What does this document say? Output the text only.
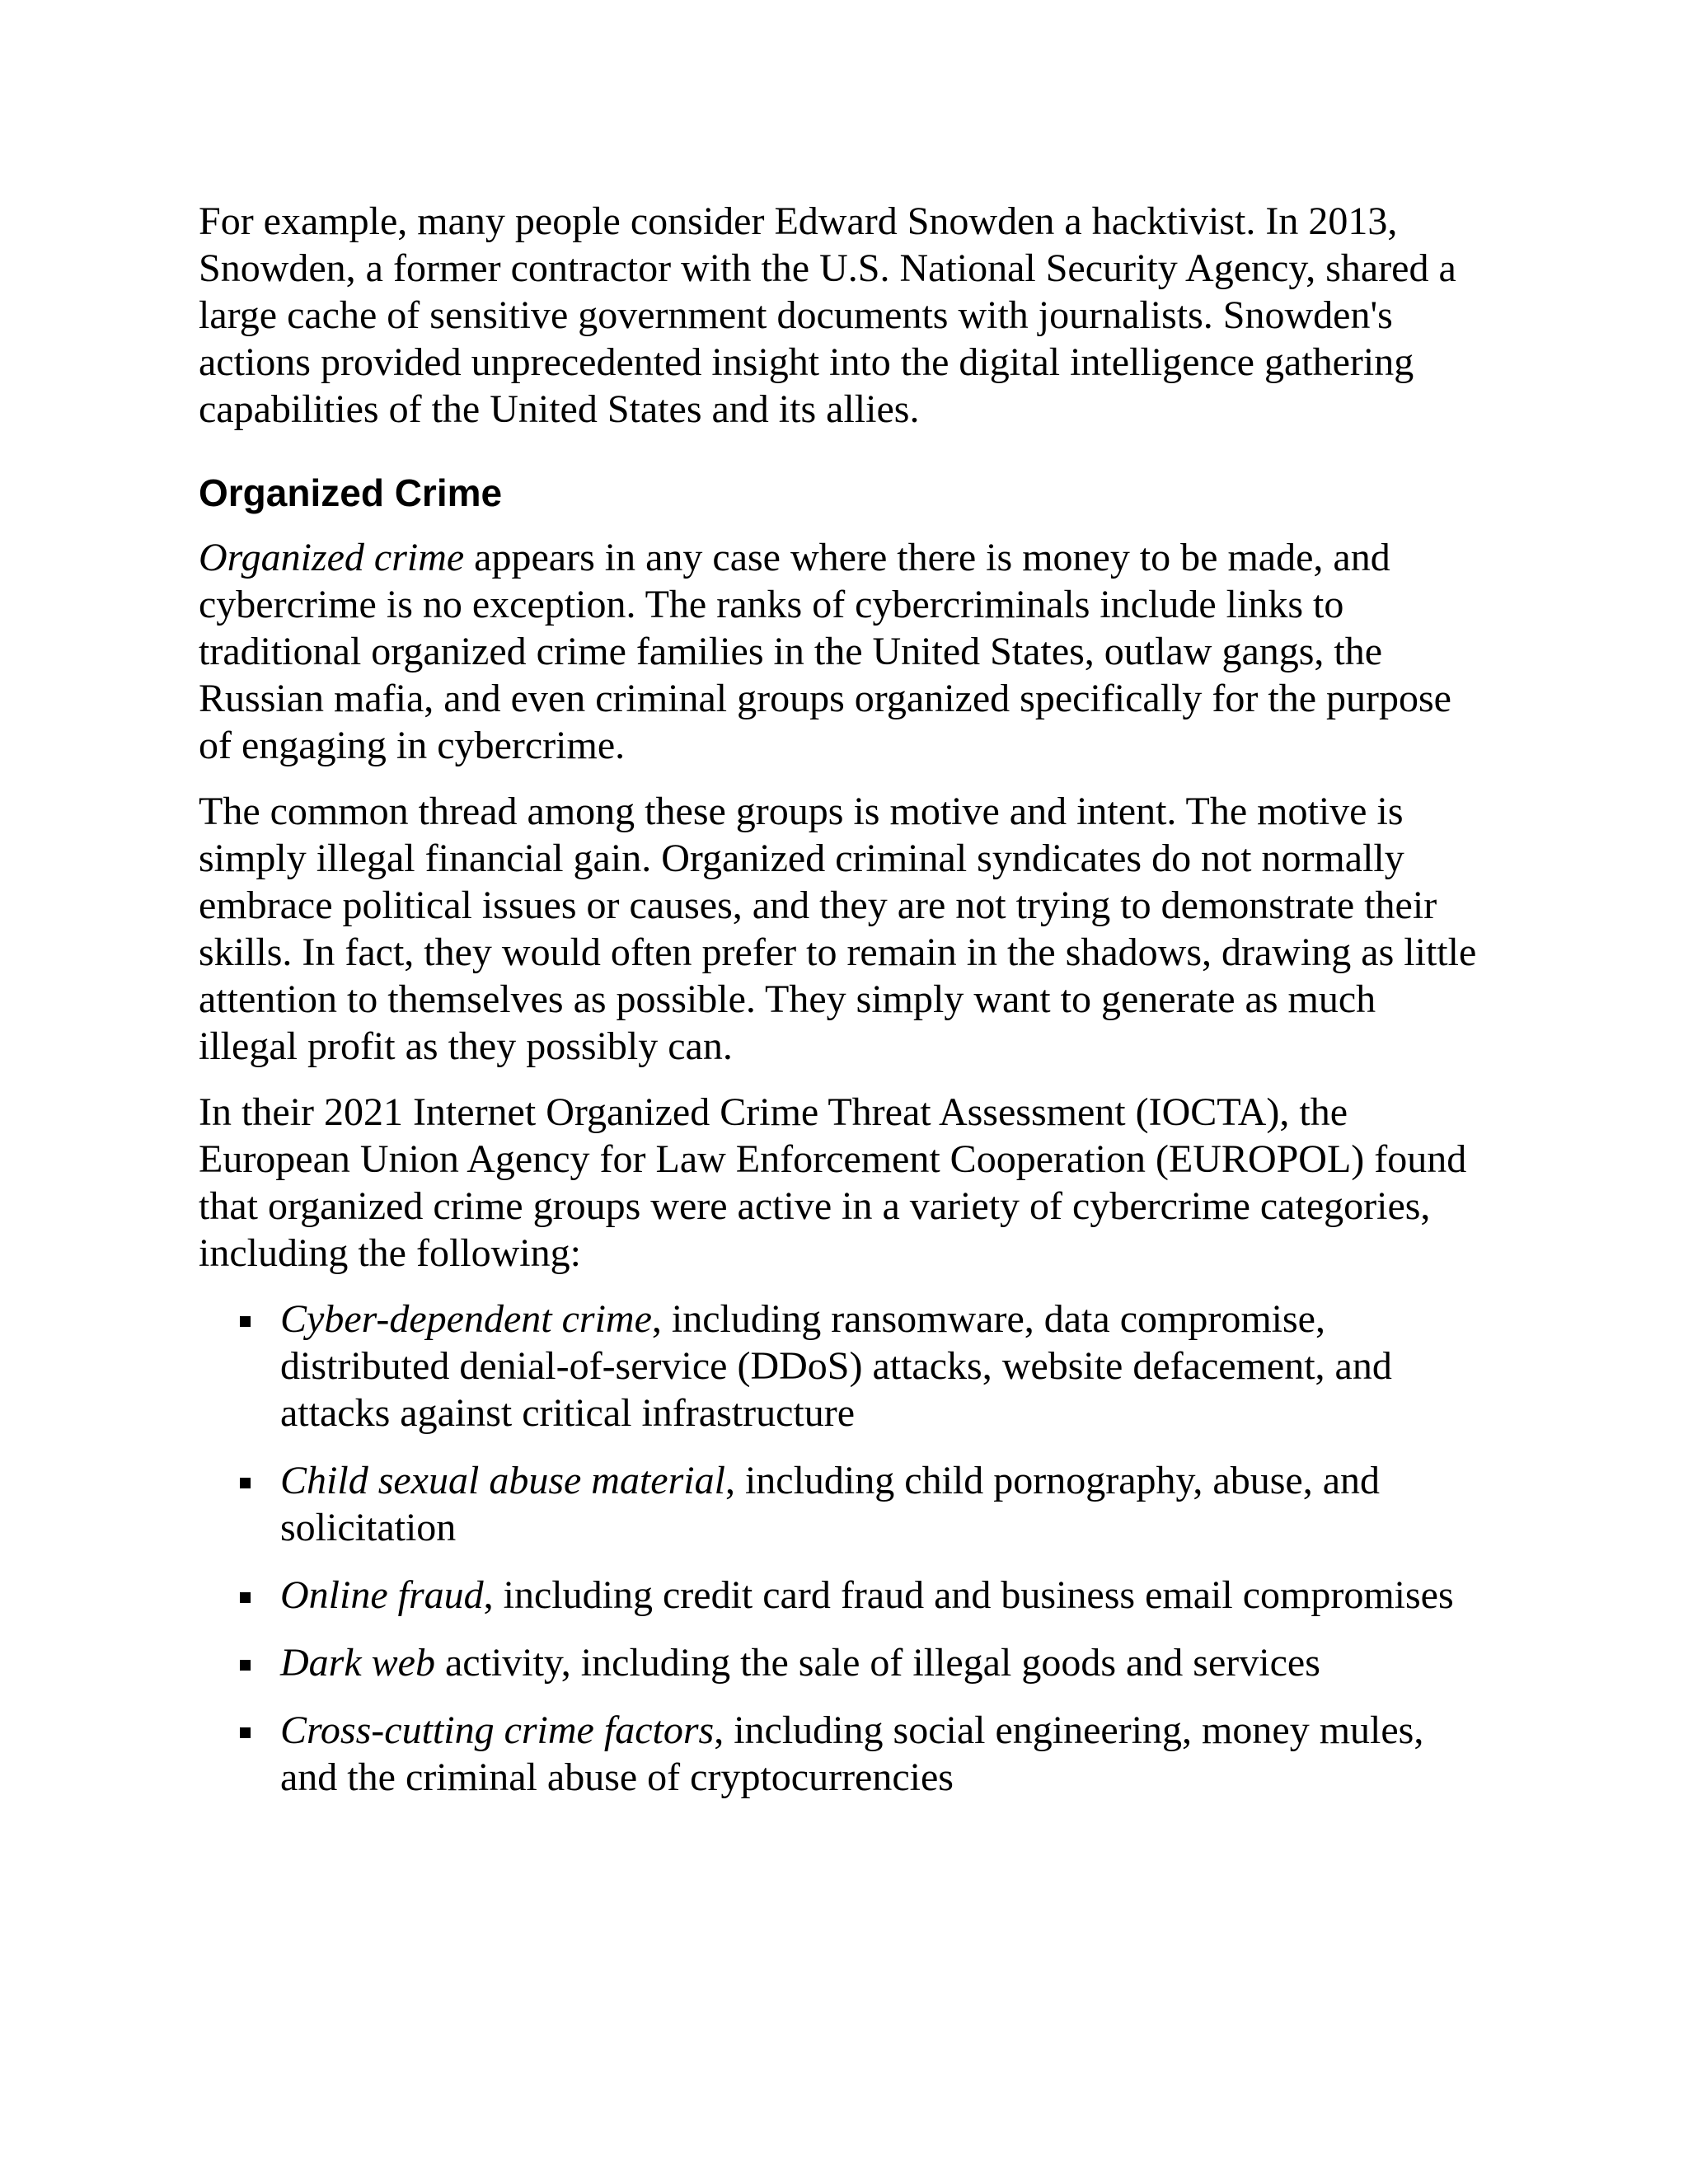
For example, many people consider Edward Snowden a hacktivist. In 2013, Snowden, a former contractor with the U.S. National Security Agency, shared a large cache of sensitive government documents with journalists. Snowden's actions provided unprecedented insight into the digital intelligence gathering capabilities of the United States and its allies.

Organized Crime

Organized crime appears in any case where there is money to be made, and cybercrime is no exception. The ranks of cybercriminals include links to traditional organized crime families in the United States, outlaw gangs, the Russian mafia, and even criminal groups organized specifically for the purpose of engaging in cybercrime.

The common thread among these groups is motive and intent. The motive is simply illegal financial gain. Organized criminal syndicates do not normally embrace political issues or causes, and they are not trying to demonstrate their skills. In fact, they would often prefer to remain in the shadows, drawing as little attention to themselves as possible. They simply want to generate as much illegal profit as they possibly can.

In their 2021 Internet Organized Crime Threat Assessment (IOCTA), the European Union Agency for Law Enforcement Cooperation (EUROPOL) found that organized crime groups were active in a variety of cybercrime categories, including the following:

Cyber-dependent crime, including ransomware, data compromise, distributed denial-of-service (DDoS) attacks, website defacement, and attacks against critical infrastructure
Child sexual abuse material, including child pornography, abuse, and solicitation
Online fraud, including credit card fraud and business email compromises
Dark web activity, including the sale of illegal goods and services
Cross-cutting crime factors, including social engineering, money mules, and the criminal abuse of cryptocurrencies
